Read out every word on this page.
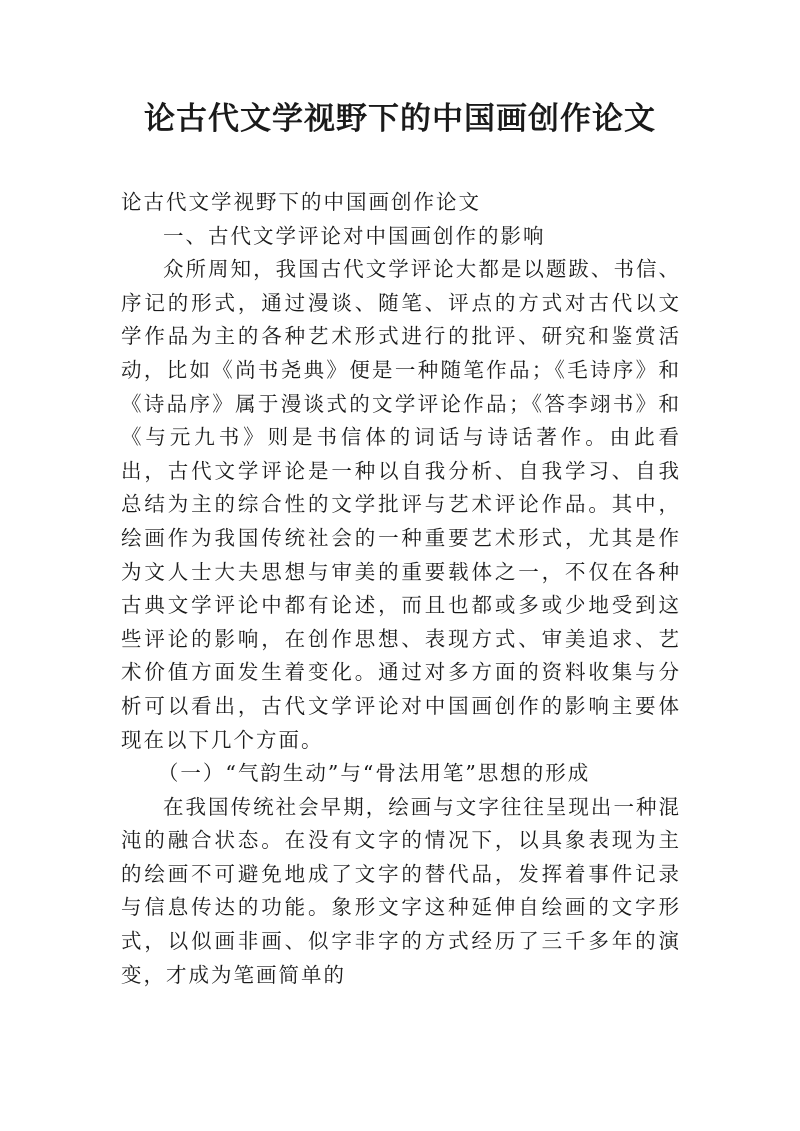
论古代文学视野下的中国画创作论文

论古代文学视野下的中国画创作论文

一、古代文学评论对中国画创作的影响

众所周知，我国古代文学评论大都是以题跋、书信、序记的形式，通过漫谈、随笔、评点的方式对古代以文学作品为主的各种艺术形式进行的批评、研究和鉴赏活动，比如《尚书尧典》便是一种随笔作品；《毛诗序》和《诗品序》属于漫谈式的文学评论作品；《答李翊书》和《与元九书》则是书信体的词话与诗话著作。由此看出，古代文学评论是一种以自我分析、自我学习、自我总结为主的综合性的文学批评与艺术评论作品。其中，绘画作为我国传统社会的一种重要艺术形式，尤其是作为文人士大夫思想与审美的重要载体之一，不仅在各种古典文学评论中都有论述，而且也都或多或少地受到这些评论的影响，在创作思想、表现方式、审美追求、艺术价值方面发生着变化。通过对多方面的资料收集与分析可以看出，古代文学评论对中国画创作的影响主要体现在以下几个方面。

（一）“气韵生动”与“骨法用笔”思想的形成

在我国传统社会早期，绘画与文字往往呈现出一种混沌的融合状态。在没有文字的情况下，以具象表现为主的绘画不可避免地成了文字的替代品，发挥着事件记录与信息传达的功能。象形文字这种延伸自绘画的文字形式，以似画非画、似字非字的方式经历了三千多年的演变，才成为笔画简单的
